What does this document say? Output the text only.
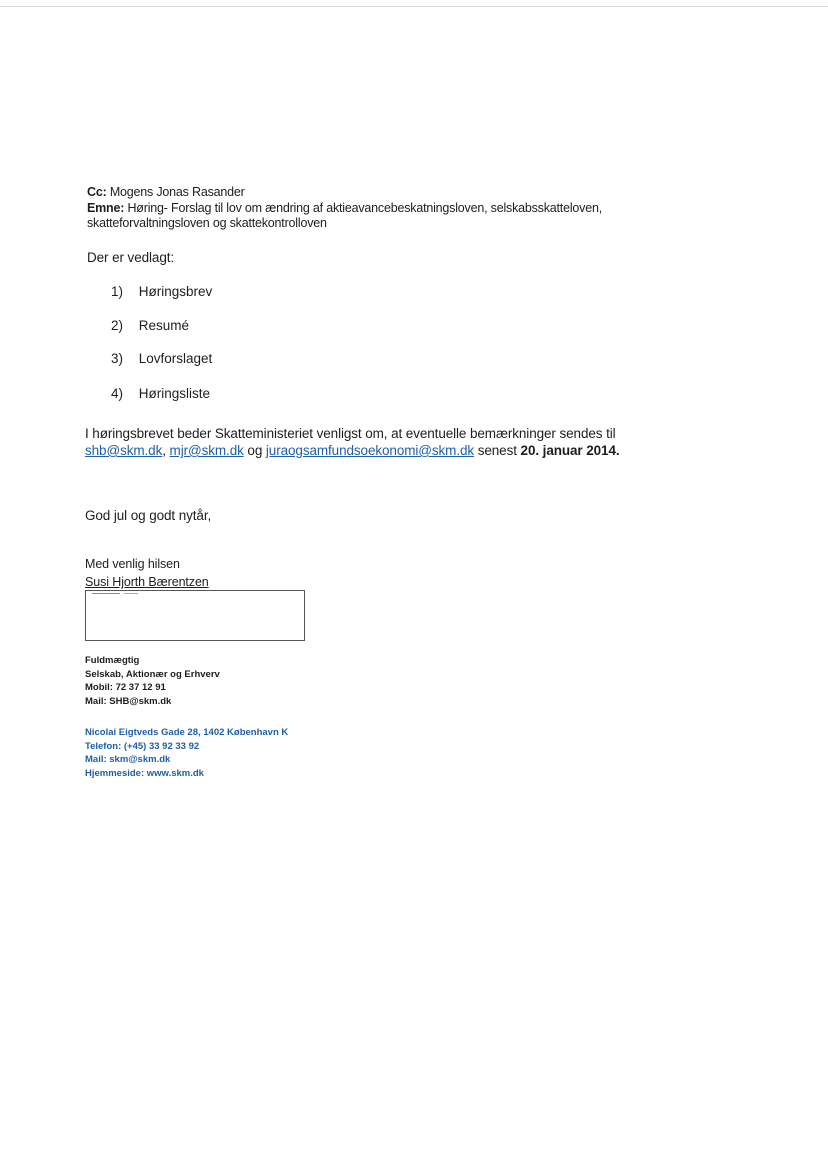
Cc: Mogens Jonas Rasander
Emne: Høring- Forslag til lov om ændring af aktieavancebeskatningsloven, selskabsskatteloven,
skatteforvaltningsloven og skattekontrolloven
Der er vedlagt:
1) Høringsbrev
2) Resumé
3) Lovforslaget
4) Høringsliste
I høringsbrevet beder Skatteministeriet venligst om, at eventuelle bemærkninger sendes til
shb@skm.dk, mjr@skm.dk og juraogsamfundsoekonomi@skm.dk senest 20. januar 2014.
God jul og godt nytår,
Med venlig hilsen
Susi Hjorth Bærentzen
Fuldmægtig
Selskab, Aktionær og Erhverv
Mobil: 72 37 12 91
Mail: SHB@skm.dk
Nicolai Eigtveds Gade 28, 1402 København K
Telefon: (+45) 33 92 33 92
Mail: skm@skm.dk
Hjemmeside: www.skm.dk
